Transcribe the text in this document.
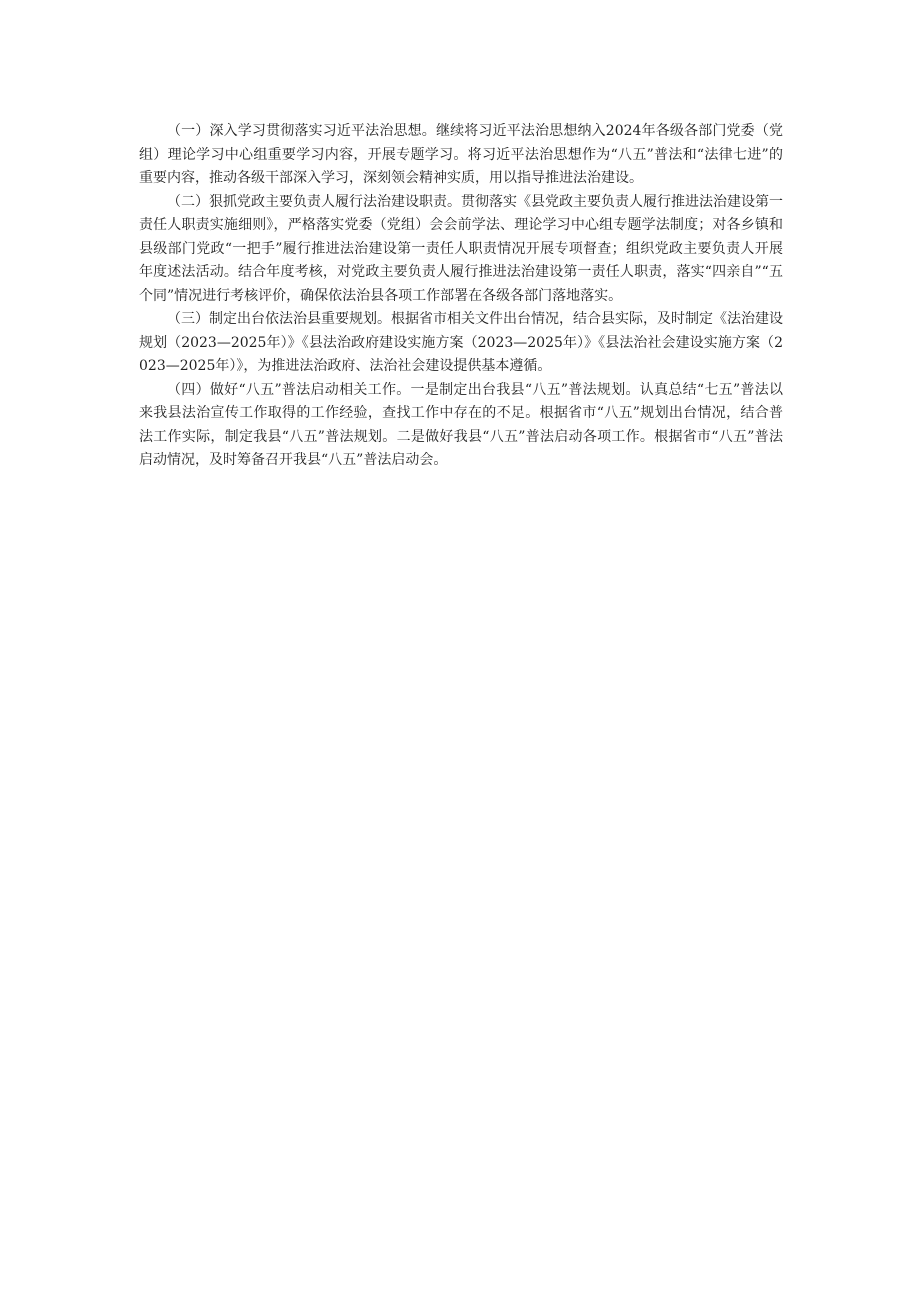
（一）深入学习贯彻落实习近平法治思想。继续将习近平法治思想纳入2024年各级各部门党委（党组）理论学习中心组重要学习内容，开展专题学习。将习近平法治思想作为“八五”普法和“法律七进”的重要内容，推动各级干部深入学习，深刻领会精神实质，用以指导推进法治建设。

（二）狠抓党政主要负责人履行法治建设职责。贯彻落实《县党政主要负责人履行推进法治建设第一责任人职责实施细则》，严格落实党委（党组）会会前学法、理论学习中心组专题学法制度；对各乡镇和县级部门党政“一把手”履行推进法治建设第一责任人职责情况开展专项督查；组织党政主要负责人开展年度述法活动。结合年度考核，对党政主要负责人履行推进法治建设第一责任人职责，落实“四亲自”“五个同”情况进行考核评价，确保依法治县各项工作部署在各级各部门落地落实。

（三）制定出台依法治县重要规划。根据省市相关文件出台情况，结合县实际，及时制定《法治建设规划（2023—2025年）》《县法治政府建设实施方案（2023—2025年）》《县法治社会建设实施方案（2023—2025年）》，为推进法治政府、法治社会建设提供基本遵循。

（四）做好“八五”普法启动相关工作。一是制定出台我县“八五”普法规划。认真总结“七五”普法以来我县法治宣传工作取得的工作经验，查找工作中存在的不足。根据省市“八五”规划出台情况，结合普法工作实际，制定我县“八五”普法规划。二是做好我县“八五”普法启动各项工作。根据省市“八五”普法启动情况，及时筹备召开我县“八五”普法启动会。
